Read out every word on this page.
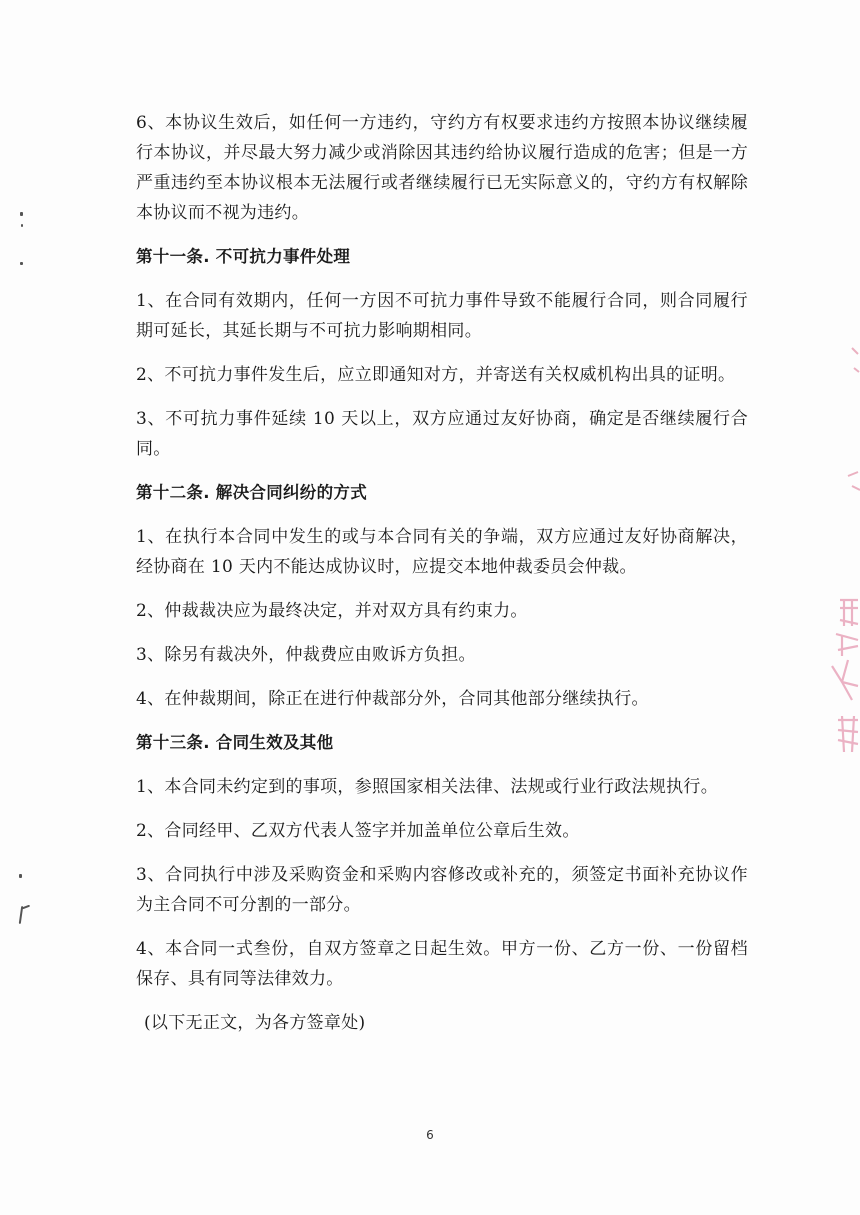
6、本协议生效后，如任何一方违约，守约方有权要求违约方按照本协议继续履行本协议，并尽最大努力减少或消除因其违约给协议履行造成的危害；但是一方严重违约至本协议根本无法履行或者继续履行已无实际意义的，守约方有权解除本协议而不视为违约。

第十一条. 不可抗力事件处理

1、在合同有效期内，任何一方因不可抗力事件导致不能履行合同，则合同履行期可延长，其延长期与不可抗力影响期相同。

2、不可抗力事件发生后，应立即通知对方，并寄送有关权威机构出具的证明。

3、不可抗力事件延续 10 天以上，双方应通过友好协商，确定是否继续履行合同。

第十二条. 解决合同纠纷的方式

1、在执行本合同中发生的或与本合同有关的争端，双方应通过友好协商解决，经协商在 10 天内不能达成协议时，应提交本地仲裁委员会仲裁。

2、仲裁裁决应为最终决定，并对双方具有约束力。

3、除另有裁决外，仲裁费应由败诉方负担。

4、在仲裁期间，除正在进行仲裁部分外，合同其他部分继续执行。

第十三条. 合同生效及其他

1、本合同未约定到的事项，参照国家相关法律、法规或行业行政法规执行。

2、合同经甲、乙双方代表人签字并加盖单位公章后生效。

3、合同执行中涉及采购资金和采购内容修改或补充的，须签定书面补充协议作为主合同不可分割的一部分。

4、本合同一式叁份，自双方签章之日起生效。甲方一份、乙方一份、一份留档保存、具有同等法律效力。

(以下无正文，为各方签章处)

6
